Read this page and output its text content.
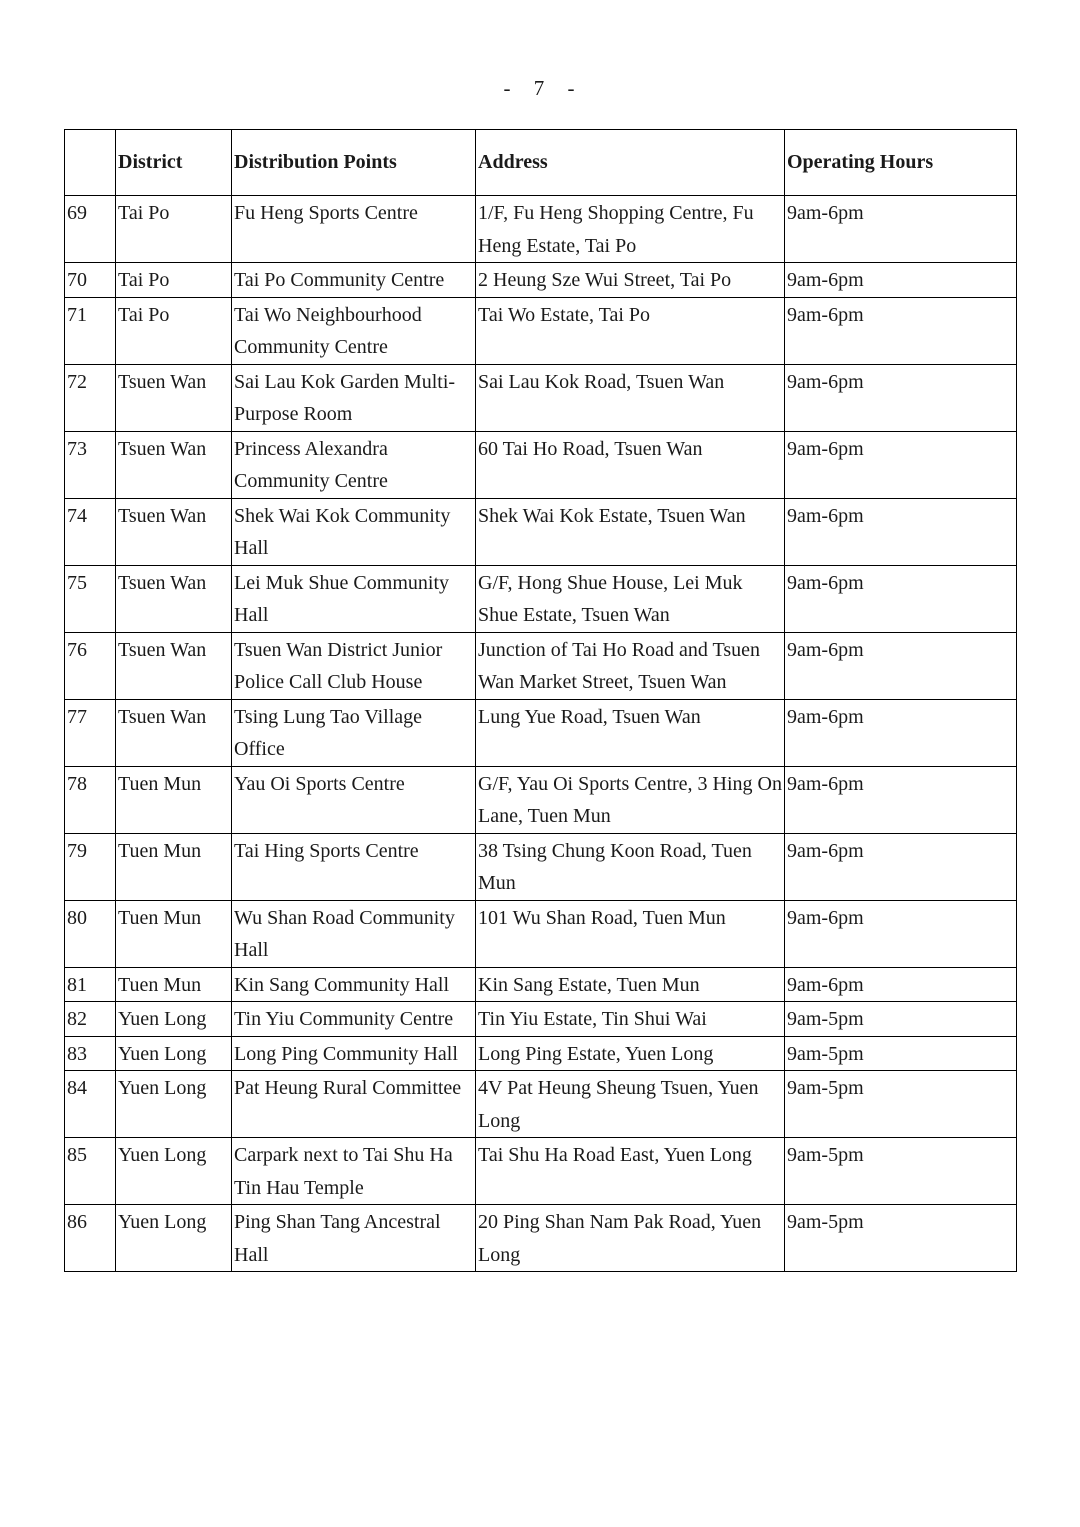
- 7 -
	District	Distribution Points	Address	Operating Hours
69	Tai Po	Fu Heng Sports Centre	1/F, Fu Heng Shopping Centre, Fu Heng Estate, Tai Po	9am-6pm
70	Tai Po	Tai Po Community Centre	2 Heung Sze Wui Street, Tai Po	9am-6pm
71	Tai Po	Tai Wo Neighbourhood Community Centre	Tai Wo Estate, Tai Po	9am-6pm
72	Tsuen Wan	Sai Lau Kok Garden Multi-Purpose Room	Sai Lau Kok Road, Tsuen Wan	9am-6pm
73	Tsuen Wan	Princess Alexandra Community Centre	60 Tai Ho Road, Tsuen Wan	9am-6pm
74	Tsuen Wan	Shek Wai Kok Community Hall	Shek Wai Kok Estate, Tsuen Wan	9am-6pm
75	Tsuen Wan	Lei Muk Shue Community Hall	G/F, Hong Shue House, Lei Muk Shue Estate, Tsuen Wan	9am-6pm
76	Tsuen Wan	Tsuen Wan District Junior Police Call Club House	Junction of Tai Ho Road and Tsuen Wan Market Street, Tsuen Wan	9am-6pm
77	Tsuen Wan	Tsing Lung Tao Village Office	Lung Yue Road, Tsuen Wan	9am-6pm
78	Tuen Mun	Yau Oi Sports Centre	G/F, Yau Oi Sports Centre, 3 Hing On Lane, Tuen Mun	9am-6pm
79	Tuen Mun	Tai Hing Sports Centre	38 Tsing Chung Koon Road, Tuen Mun	9am-6pm
80	Tuen Mun	Wu Shan Road Community Hall	101 Wu Shan Road, Tuen Mun	9am-6pm
81	Tuen Mun	Kin Sang Community Hall	Kin Sang Estate, Tuen Mun	9am-6pm
82	Yuen Long	Tin Yiu Community Centre	Tin Yiu Estate, Tin Shui Wai	9am-5pm
83	Yuen Long	Long Ping Community Hall	Long Ping Estate, Yuen Long	9am-5pm
84	Yuen Long	Pat Heung Rural Committee	4V Pat Heung Sheung Tsuen, Yuen Long	9am-5pm
85	Yuen Long	Carpark next to Tai Shu Ha Tin Hau Temple	Tai Shu Ha Road East, Yuen Long	9am-5pm
86	Yuen Long	Ping Shan Tang Ancestral Hall	20 Ping Shan Nam Pak Road, Yuen Long	9am-5pm
